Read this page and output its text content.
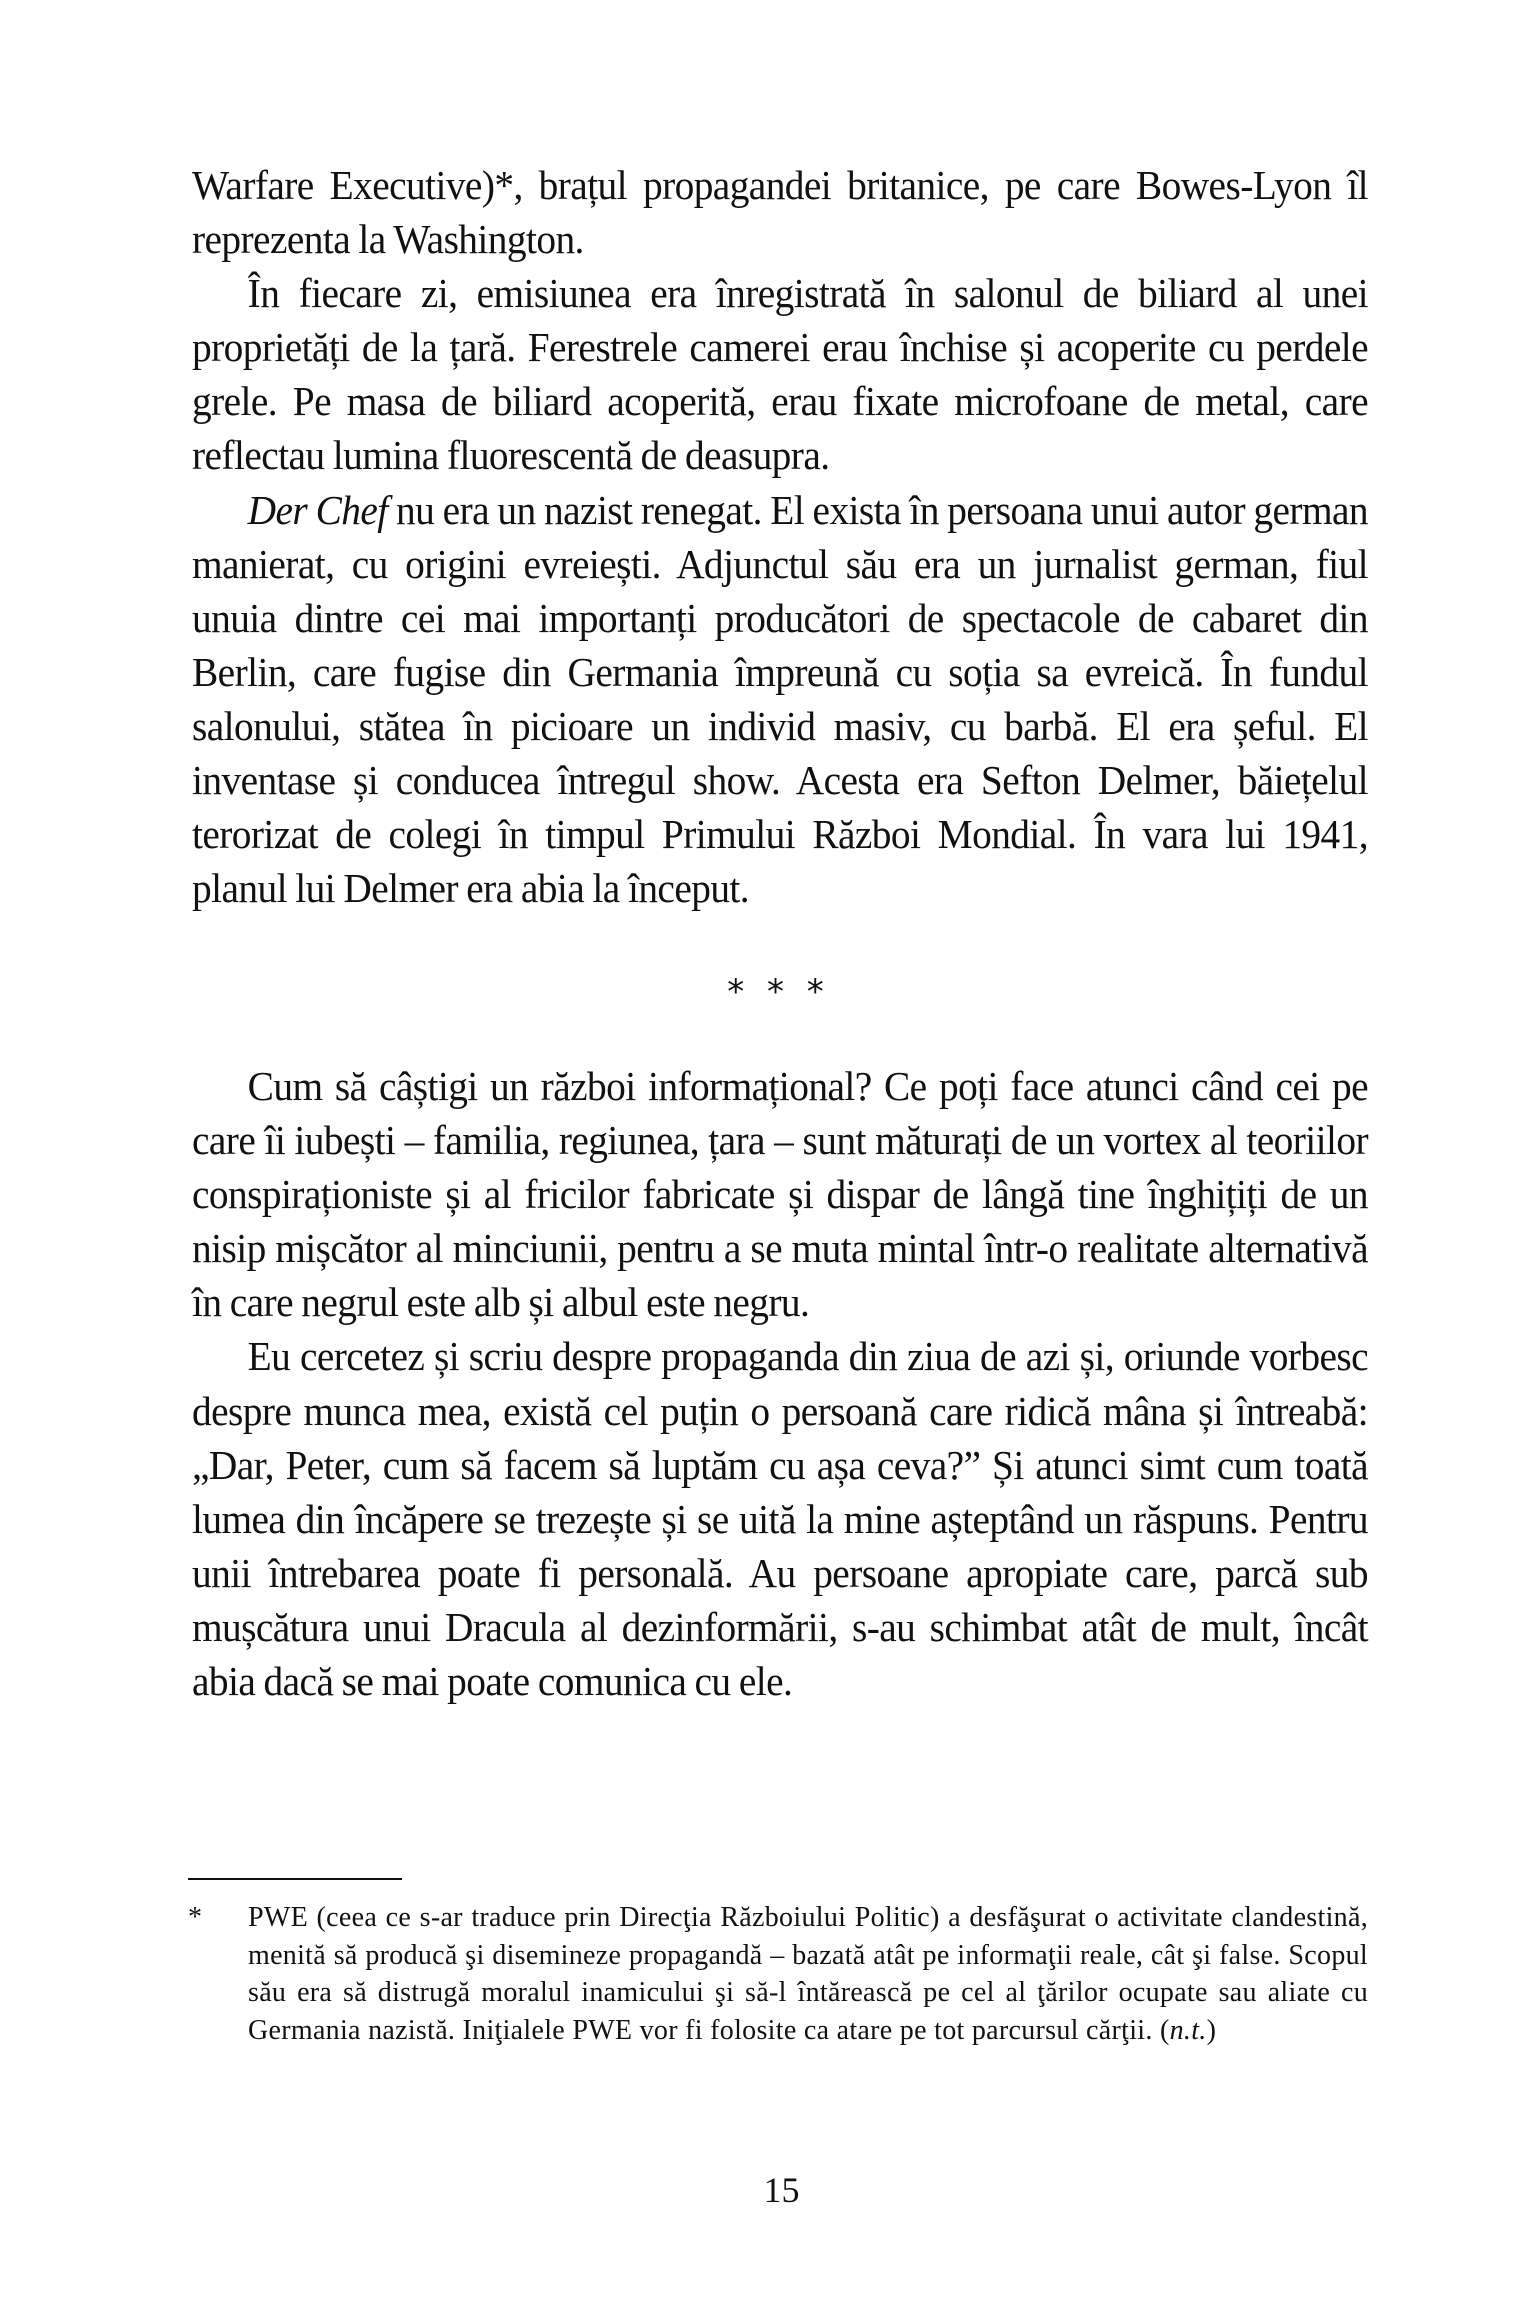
Warfare Executive)*, brațul propagandei britanice, pe care Bowes-Lyon îl reprezenta la Washington.

În fiecare zi, emisiunea era înregistrată în salonul de biliard al unei proprietăți de la țară. Ferestrele camerei erau închise și acoperite cu perdele grele. Pe masa de biliard acoperită, erau fixate microfoane de metal, care reflectau lumina fluorescentă de deasupra.

Der Chef nu era un nazist renegat. El exista în persoana unui autor german manierat, cu origini evreiești. Adjunctul său era un jurnalist german, fiul unuia dintre cei mai importanți producători de spectacole de cabaret din Berlin, care fugise din Germania împreună cu soția sa evreică. În fundul salonului, stătea în picioare un individ masiv, cu barbă. El era șeful. El inventase și conducea întregul show. Acesta era Sefton Delmer, băiețelul terorizat de colegi în timpul Primului Război Mondial. În vara lui 1941, planul lui Delmer era abia la început.

* * *

Cum să câștigi un război informațional? Ce poți face atunci când cei pe care îi iubești – familia, regiunea, țara – sunt măturați de un vortex al teoriilor conspiraționiste și al fricilor fabricate și dispar de lângă tine înghițiți de un nisip mișcător al minciunii, pentru a se muta mintal într-o realitate alternativă în care negrul este alb și albul este negru.

Eu cercetez și scriu despre propaganda din ziua de azi și, oriunde vorbesc despre munca mea, există cel puțin o persoană care ridică mâna și întreabă: „Dar, Peter, cum să facem să luptăm cu așa ceva?” Și atunci simt cum toată lumea din încăpere se trezește și se uită la mine așteptând un răspuns. Pentru unii întrebarea poate fi personală. Au persoane apropiate care, parcă sub mușcătura unui Dracula al dezinformării, s-au schimbat atât de mult, încât abia dacă se mai poate comunica cu ele.

*	PWE (ceea ce s-ar traduce prin Direcţia Războiului Politic) a desfăşurat o activitate clandestină, menită să producă şi disemineze propagandă – bazată atât pe informaţii reale, cât şi false. Scopul său era să distrugă moralul inamicului şi să-l întărească pe cel al ţărilor ocupate sau aliate cu Germania nazistă. Iniţialele PWE vor fi folosite ca atare pe tot parcursul cărţii. (n.t.)
15
